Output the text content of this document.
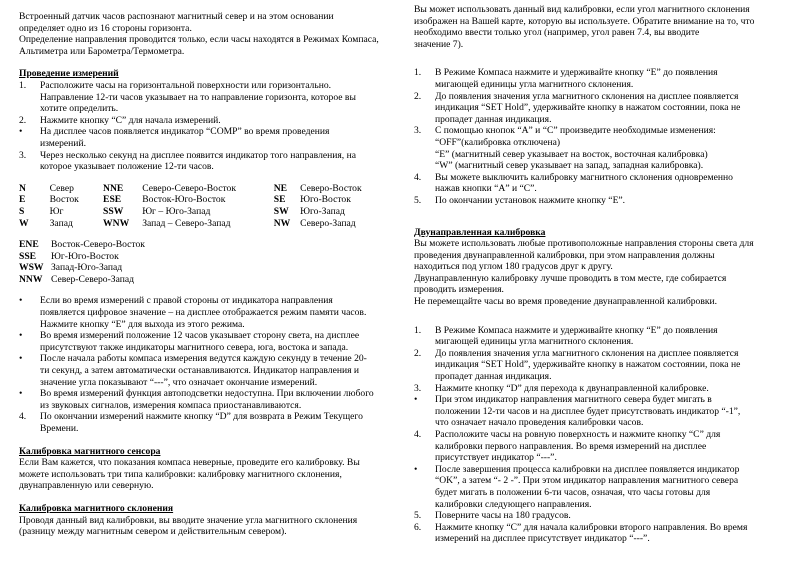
Встроенный датчик часов распознают магнитный север и на этом основании

определяет одно из 16 стороны горизонта.

Определение направления проводится только, если часы находятся в Режимах Компаса,

Альтиметра или Барометра/Термометра.

Проведение измерений

1. Расположите часы на горизонтальной поверхности или горизонтально.
Направление 12-ти часов указывает на то направление горизонта, которое вы
хотите определить.
2. Нажмите кнопку “C” для начала измерений.
• На дисплее часов появляется индикатор “COMP” во время проведения
измерений.
3. Через несколько секунд на дисплее появится индикатор того направления, на
которое указывает положение 12-ти часов.
N	Север	NNE	Северо-Северо-Восток	NE	Северо-Восток
E	Восток	ESE	Восток-Юго-Восток	SE	Юго-Восток
S	Юг	SSW	Юг – Юго-Запад	SW	Юго-Запад
W	Запад	WNW	Запад – Северо-Запад	NW	Северо-Запад
ENE	Восток-Северо-Восток
SSE	Юг-Юго-Восток
WSW	Запад-Юго-Запад
NNW	Север-Северо-Запад
• Если во время измерений с правой стороны от индикатора направления
появляется цифровое значение – на дисплее отображается режим памяти часов.
Нажмите кнопку “E” для выхода из этого режима.
• Во время измерений положение 12 часов указывает сторону света, на дисплее
присутствуют также индикаторы магнитного севера, юга, востока и запада.
• После начала работы компаса измерения ведутся каждую секунду в течение 20-
ти секунд, а затем автоматически останавливаются. Индикатор направления и
значение угла показывают “---”, что означает окончание измерений.
• Во время измерений функция автоподсветки недоступна. При включении любого
из звуковых сигналов, измерения компаса приостанавливаются.
4. По окончании измерений нажмите кнопку “D” для возврата в Режим Текущего
Времени.

Калибровка магнитного сенсора

Если Вам кажется, что показания компаса неверные, проведите его калибровку. Вы

можете использовать три типа калибровки: калибровку магнитного склонения,

двунаправленную или северную.

Калибровка магнитного склонения

Проводя данный вид калибровки, вы вводите значение угла магнитного склонения

(разницу между магнитным севером и действительным севером).

Вы может использовать данный вид калибровки, если угол магнитного склонения

изображен на Вашей карте, которую вы используете. Обратите внимание на то, что

необходимо ввести только угол (например, угол равен 7.4, вы вводите

значение 7).

1. В Режиме Компаса нажмите и удерживайте кнопку “E” до появления
мигающей единицы угла магнитного склонения.
2. До появления значения угла магнитного склонения на дисплее появляется
индикация “SET Hold”, удерживайте кнопку в нажатом состоянии, пока не
пропадет данная индикация.
3. С помощью кнопок “A” и “C” произведите необходимые изменения:
“OFF”(калибровка отключена)
“E” (магнитный север указывает на восток, восточная калибровка)
“W” (магнитный север указывает на запад, западная калибровка).
4. Вы можете выключить калибровку магнитного склонения одновременно
нажав кнопки “A” и “C”.
5. По окончании установок нажмите кнопку “E”.

Двунаправленная калибровка

Вы можете использовать любые противоположные направления стороны света для

проведения двунаправленной калибровки, при этом направления должны

находиться под углом 180 градусов друг к другу.

Двунаправленную калибровку лучше проводить в том месте, где собирается

проводить измерения.

Не перемещайте часы во время проведение двунаправленной калибровки.

1. В Режиме Компаса нажмите и удерживайте кнопку “E” до появления
мигающей единицы угла магнитного склонения.
2. До появления значения угла магнитного склонения на дисплее появляется
индикация “SET Hold”, удерживайте кнопку в нажатом состоянии, пока не
пропадет данная индикация.
3. Нажмите кнопку “D” для перехода к двунаправленной калибровке.
• При этом индикатор направления магнитного севера будет мигать в
положении 12-ти часов и на дисплее будет присутствовать индикатор “-1”,
что означает начало проведения калибровки часов.
4. Расположите часы на ровную поверхность и нажмите кнопку “C” для
калибровки первого направления. Во время измерений на дисплее
присутствует индикатор “---”.
• После завершения процесса калибровки на дисплее появляется индикатор
“OK”, а затем “- 2 -”. При этом индикатор направления магнитного севера
будет мигать в положении 6-ти часов, означая, что часы готовы для
калибровки следующего направления.
5. Поверните часы на 180 градусов.
6. Нажмите кнопку “C” для начала калибровки второго направления. Во время
измерений на дисплее присутствует индикатор “---”.
